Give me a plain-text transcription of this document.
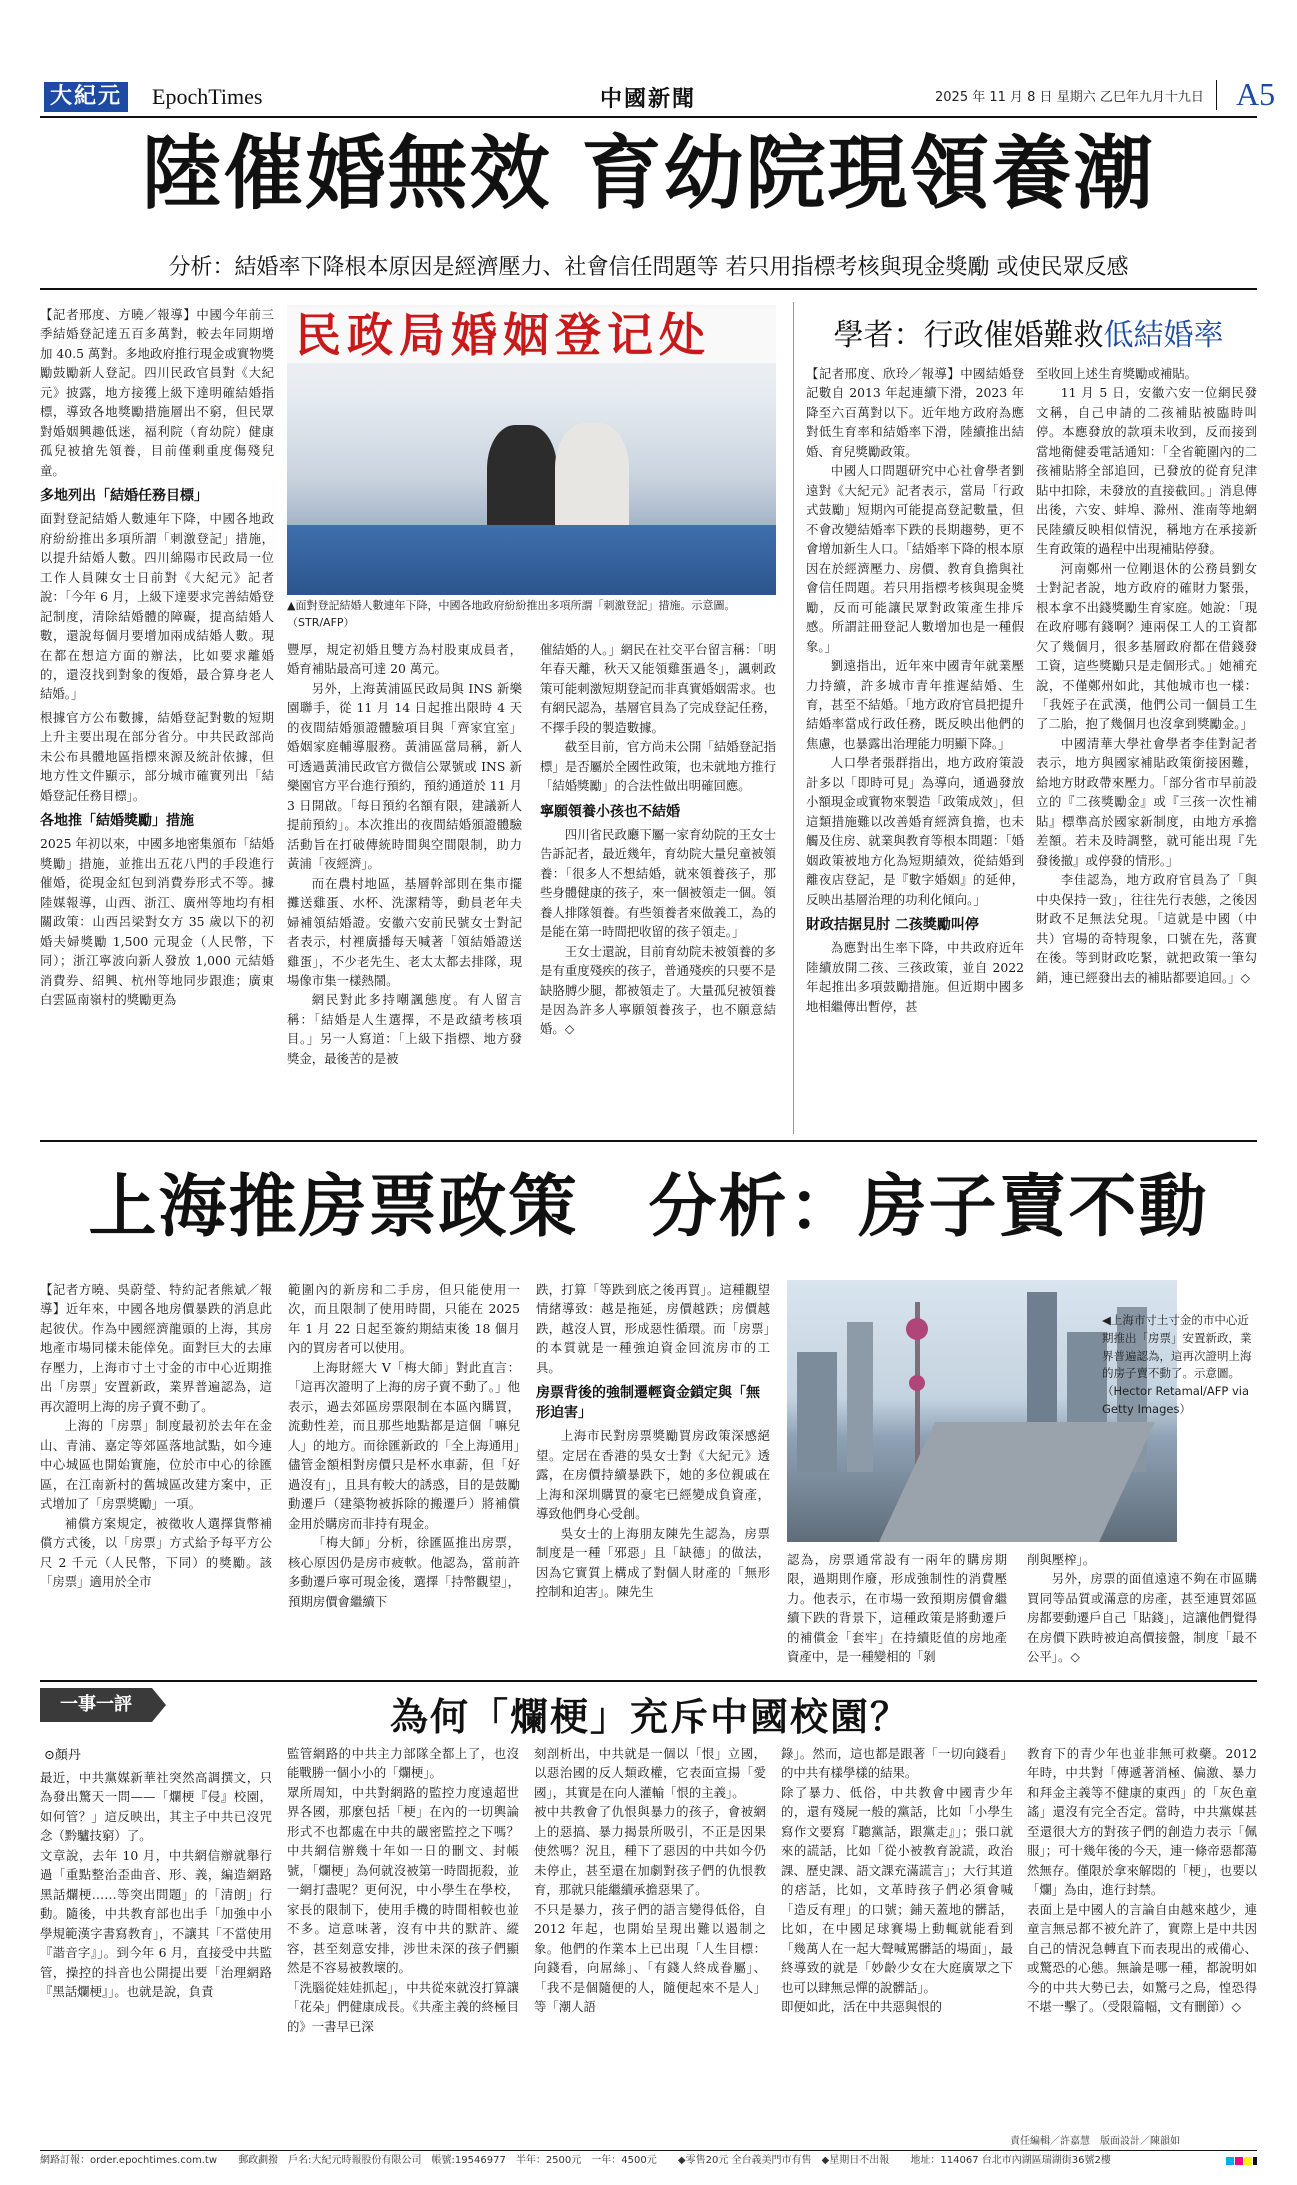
大紀元 EpochTimes	中國新聞	2025 年 11 月 8 日 星期六 乙巳年九月十九日 A5
陸催婚無效 育幼院現領養潮
分析：結婚率下降根本原因是經濟壓力、社會信任問題等 若只用指標考核與現金獎勵 或使民眾反感

【記者邢度、方曉／報導】中國今年前三季結婚登記達五百多萬對，較去年同期增加 40.5 萬對。多地政府推行現金或實物獎勵鼓勵新人登記。四川民政官員對《大紀元》披露，地方接獲上級下達明確結婚指標，導致各地獎勵措施層出不窮，但民眾對婚姻興趣低迷，福利院（育幼院）健康孤兒被搶先領養，目前僅剩重度傷殘兒童。

多地列出「結婚任務目標」

面對登記結婚人數連年下降，中國各地政府紛紛推出多項所謂「刺激登記」措施，以提升結婚人數。四川綿陽市民政局一位工作人員陳女士日前對《大紀元》記者說：「今年 6 月，上級下達要求完善結婚登記制度，清除結婚體的障礙，提高結婚人數，還說每個月要增加兩成結婚人數。現在都在想這方面的辦法，比如要求離婚的，還沒找到對象的復婚，最合算身老人結婚。」

根據官方公布數據，結婚登記對數的短期上升主要出現在部分省分。中共民政部尚未公布具體地區指標來源及統計依據，但地方性文件顯示，部分城市確實列出「結婚登記任務目標」。

各地推「結婚獎勵」措施

2025 年初以來，中國多地密集頒布「結婚獎勵」措施，並推出五花八門的手段進行催婚，從現金紅包到消費券形式不等。據陸媒報導，山西、浙江、廣州等地均有相關政策：山西呂梁對女方 35 歲以下的初婚夫婦獎勵 1,500 元現金（人民幣，下同）；浙江寧波向新人發放 1,000 元結婚消費券、紹興、杭州等地同步跟進；廣東白雲區南嶺村的獎勵更為

民政局婚姻登记处
▲面對登記結婚人數連年下降，中國各地政府紛紛推出多項所謂「刺激登記」措施。示意圖。（STR/AFP）

豐厚，規定初婚且雙方為村股東成員者，婚育補貼最高可達 20 萬元。

另外，上海黃浦區民政局與 INS 新樂園聯手，從 11 月 14 日起推出限時 4 天的夜間結婚頒證體驗項目與「齊家宜室」婚姻家庭輔導服務。黃浦區當局稱，新人可透過黃浦民政官方微信公眾號或 INS 新樂園官方平台進行預約，預約通道於 11 月 3 日開啟。「每日預約名額有限，建議新人提前預約」。本次推出的夜間結婚頒證體驗活動旨在打破傳統時間與空間限制，助力黃浦「夜經濟」。

而在農村地區，基層幹部則在集市擺攤送雞蛋、水杯、洗潔精等，動員老年夫婦補領結婚證。安徽六安前民號女士對記者表示，村裡廣播每天喊著「領結婚證送雞蛋」，不少老先生、老太太都去排隊，現場像市集一樣熱鬧。

網民對此多持嘲諷態度。有人留言稱：「結婚是人生選擇，不是政績考核項目。」另一人寫道：「上級下指標、地方發獎金，最後苦的是被

催結婚的人。」網民在社交平台留言稱：「明年春天離，秋天又能領雞蛋過冬」，諷刺政策可能刺激短期登記而非真實婚姻需求。也有網民認為，基層官員為了完成登記任務，不擇手段的製造數據。

截至目前，官方尚未公開「結婚登記指標」是否屬於全國性政策，也未就地方推行「結婚獎勵」的合法性做出明確回應。

寧願領養小孩也不結婚

四川省民政廳下屬一家育幼院的王女士告訴記者，最近幾年，育幼院大量兒童被領養：「很多人不想結婚，就來領養孩子，那些身體健康的孩子，來一個被領走一個。領養人排隊領養。有些領養者來做義工，為的是能在第一時間把收留的孩子領走。」

王女士還說，目前育幼院未被領養的多是有重度殘疾的孩子，普通殘疾的只要不是缺胳膊少腿，都被領走了。大量孤兒被領養是因為許多人寧願領養孩子，也不願意結婚。◇

學者：行政催婚難救低結婚率

【記者邢度、欣玲／報導】中國結婚登記數自 2013 年起連續下滑，2023 年降至六百萬對以下。近年地方政府為應對低生育率和結婚率下滑，陸續推出結婚、育兒獎勵政策。

中國人口問題研究中心社會學者劉遠對《大紀元》記者表示，當局「行政式鼓勵」短期內可能提高登記數量，但不會改變結婚率下跌的長期趨勢，更不會增加新生人口。「結婚率下降的根本原因在於經濟壓力、房價、教育負擔與社會信任問題。若只用指標考核與現金獎勵，反而可能讓民眾對政策產生排斥感。所謂註冊登記人數增加也是一種假象。」

劉遠指出，近年來中國青年就業壓力持續，許多城市青年推遲結婚、生育，甚至不結婚。「地方政府官員把提升結婚率當成行政任務，既反映出他們的焦慮，也暴露出治理能力明顯下降。」

人口學者張群指出，地方政府策設計多以「即時可見」為導向，通過發放小額現金或實物來製造「政策成效」，但這類措施難以改善婚育經濟負擔，也未觸及住房、就業與教育等根本問題：「婚姻政策被地方化為短期績效，從結婚到離夜店登記，是『數字婚姻』的延伸，反映出基層治理的功利化傾向。」

財政拮据見肘 二孩獎勵叫停

為應對出生率下降，中共政府近年陸續放開二孩、三孩政策，並自 2022 年起推出多項鼓勵措施。但近期中國多地相繼傳出暫停，甚

至收回上述生育獎勵或補貼。

11 月 5 日，安徽六安一位網民發文稱，自己申請的二孩補貼被臨時叫停。本應發放的款項未收到，反而接到當地衛健委電話通知：「全省範圍內的二孩補貼將全部追回，已發放的從育兒津貼中扣除，未發放的直接截回。」消息傳出後，六安、蚌埠、滁州、淮南等地網民陸續反映相似情況，稱地方在承接新生育政策的過程中出現補貼停發。

河南鄭州一位剛退休的公務員劉女士對記者說，地方政府的確財力緊張，根本拿不出錢獎勵生育家庭。她說：「現在政府哪有錢啊？連兩保工人的工資都欠了幾個月，很多基層政府都在借錢發工資，這些獎勵只是走個形式。」她補充說，不僅鄭州如此，其他城市也一樣：「我姪子在武漢，他們公司一個員工生了二胎，抱了幾個月也沒拿到獎勵金。」

中國清華大學社會學者李佳對記者表示，地方與國家補貼政策銜接困難，給地方財政帶來壓力。「部分省市早前設立的『二孩獎勵金』或『三孩一次性補貼』標準高於國家新制度，由地方承擔差額。若未及時調整，就可能出現『先發後撤』或停發的情形。」

李佳認為，地方政府官員為了「與中央保持一致」，往往先行表態，之後因財政不足無法兌現。「這就是中國（中共）官場的奇特現象，口號在先，落實在後。等到財政吃緊，就把政策一筆勾銷，連已經發出去的補貼都要追回。」◇

上海推房票政策　分析：房子賣不動

【記者方曉、吳蔚瑩、特約記者熊斌／報導】近年來，中國各地房價暴跌的消息此起彼伏。作為中國經濟龍頭的上海，其房地產市場同樣未能倖免。面對巨大的去庫存壓力，上海市寸土寸金的市中心近期推出「房票」安置新政，業界普遍認為，這再次證明上海的房子賣不動了。

上海的「房票」制度最初於去年在金山、青浦、嘉定等郊區落地試點，如今連中心城區也開始實施，位於市中心的徐匯區，在江南新村的舊城區改建方案中，正式增加了「房票獎勵」一項。

補償方案規定，被徵收人選擇貨幣補償方式後，以「房票」方式給予每平方公尺 2 千元（人民幣，下同）的獎勵。該「房票」適用於全市

範圍內的新房和二手房，但只能使用一次，而且限制了使用時間，只能在 2025 年 1 月 22 日起至簽約期結束後 18 個月內的買房者可以使用。

上海財經大 V「梅大師」對此直言：「這再次證明了上海的房子賣不動了。」他表示，過去郊區房票限制在本區內購買，流動性差，而且那些地點都是這個「嘛兒人」的地方。而徐匯新政的「全上海通用」儘管金額相對房價只是杯水車薪，但「好過沒有」，且具有較大的誘惑，目的是鼓勵動遷戶（建築物被拆除的搬遷戶）將補償金用於購房而非持有現金。

「梅大師」分析，徐匯區推出房票，核心原因仍是房市疲軟。他認為，當前許多動遷戶寧可現金後，選擇「持幣觀望」，預期房價會繼續下

跌，打算「等跌到底之後再買」。這種觀望情緒導致：越是拖延，房價越跌；房價越跌，越沒人買，形成惡性循環。而「房票」的本質就是一種強迫資金回流房市的工具。

房票背後的強制遷輕資金鎖定與「無形迫害」

上海市民對房票獎勵買房政策深感絕望。定居在香港的吳女士對《大紀元》透露，在房價持續暴跌下，她的多位親戚在上海和深圳購買的豪宅已經變成負資產，導致他們身心受創。

吳女士的上海朋友陳先生認為，房票制度是一種「邪惡」且「缺德」的做法，因為它實質上構成了對個人財產的「無形控制和迫害」。陳先生

◀上海市寸土寸金的市中心近期推出「房票」安置新政，業界普遍認為，這再次證明上海的房子賣不動了。示意圖。（Hector Retamal/AFP via Getty Images）

認為，房票通常設有一兩年的購房期限，過期則作廢，形成強制性的消費壓力。他表示，在市場一致預期房價會繼續下跌的背景下，這種政策是將動遷戶的補償金「套牢」在持續貶值的房地產資產中，是一種變相的「剝

削與壓榨」。

另外，房票的面值遠遠不夠在市區購買同等品質或滿意的房產，甚至連買郊區房都要動遷戶自己「貼錢」，這讓他們覺得在房價下跌時被迫高價接盤，制度「最不公平」。◇

一事一評	為何「爛梗」充斥中國校園？
⊙顏丹

最近，中共黨媒新華社突然高調撰文，只為發出驚天一問——「爛梗『侵』校園，如何管？」這反映出，其主子中共已沒咒念（黔驢技窮）了。
文章說，去年 10 月，中共網信辦就舉行過「重點整治歪曲音、形、義，編造網路黑話爛梗……等突出問題」的「清朗」行動。隨後，中共教育部也出手「加強中小學規範漢字書寫教育」，不讓其「不當使用『諧音字』」。到今年 6 月，直接受中共監管，操控的抖音也公開提出要「治理網路『黑話爛梗』」。也就是說，負責

監管網路的中共主力部隊全都上了，也沒能戰勝一個小小的「爛梗」。
眾所周知，中共對網路的監控力度遠超世界各國，那麼包括「梗」在內的一切輿論形式不也都處在中共的嚴密監控之下嗎？中共網信辦幾十年如一日的刪文、封帳號，「爛梗」為何就沒被第一時間扼殺，並一網打盡呢？更何況，中小學生在學校，家長的限制下，使用手機的時間相較也並不多。這意味著，沒有中共的默許、縱容，甚至刻意安排，涉世未深的孩子們顯然是不容易被教壞的。
「洗腦從娃娃抓起」，中共從來就沒打算讓「花朵」們健康成長。《共產主義的終極目的》一書早已深

刻剖析出，中共就是一個以「恨」立國，以惡治國的反人類政權，它表面宣揚「愛國」，其實是在向人灌輸「恨的主義」。
被中共教會了仇恨與暴力的孩子，會被網上的惡搞、暴力揭景所吸引，不正是因果使然嗎？況且，種下了惡因的中共如今仍未停止，甚至還在加劇對孩子們的仇恨教育，那就只能繼續承擔惡果了。
不只是暴力，孩子們的語言變得低俗，自 2012 年起，也開始呈現出難以遏制之象。他們的作業本上已出現「人生目標：向錢看，向屌絲」、「有錢人終成眷屬」、「我不是個隨便的人，隨便起來不是人」等「潮人語

錄」。然而，這也都是跟著「一切向錢看」的中共有樣學樣的結果。
除了暴力、低俗，中共教會中國青少年的，還有殘屍一般的黨話，比如「小學生寫作文要寫『聽黨話，跟黨走』」；張口就來的謊話，比如「從小被教育說謊，政治課、歷史課、語文課充滿謊言」；大行其道的痞話，比如，文革時孩子們必須會喊「造反有理」的口號；鋪天蓋地的髒話，比如，在中國足球賽場上動輒就能看到「幾萬人在一起大聲喊罵髒話的場面」，最終導致的就是「妙齡少女在大庭廣眾之下也可以肆無忌憚的說髒話」。
即便如此，活在中共惡與恨的

教育下的青少年也並非無可救藥。2012 年時，中共對「傳遞著消極、偏激、暴力和拜金主義等不健康的東西」的「灰色童謠」還沒有完全否定。當時，中共黨媒甚至還很大方的對孩子們的創造力表示「佩服」；可十幾年後的今天，連一條帝惡都蕩然無存。僅限於拿來解悶的「梗」，也要以「爛」為由，進行封禁。
表面上是中國人的言論自由越來越少，連童言無忌都不被允許了，實際上是中共因自己的情況急轉直下而表現出的戒備心、或驚恐的心態。無論是哪一種，都說明如今的中共大勢已去，如驚弓之鳥，惶恐得不堪一擊了。（受限篇幅，文有刪節）◇

責任編輯／許嘉慧　版面設計／陳韻如
網路訂報：order.epochtimes.com.tw 郵政劃撥　戶名:大紀元時報股份有限公司　帳號:19546977　半年：2500元　一年：4500元 ◆零售20元 全台義美門市有售　◆星期日不出報 地址：114067 台北市內湖區瑞湖街36號2樓
